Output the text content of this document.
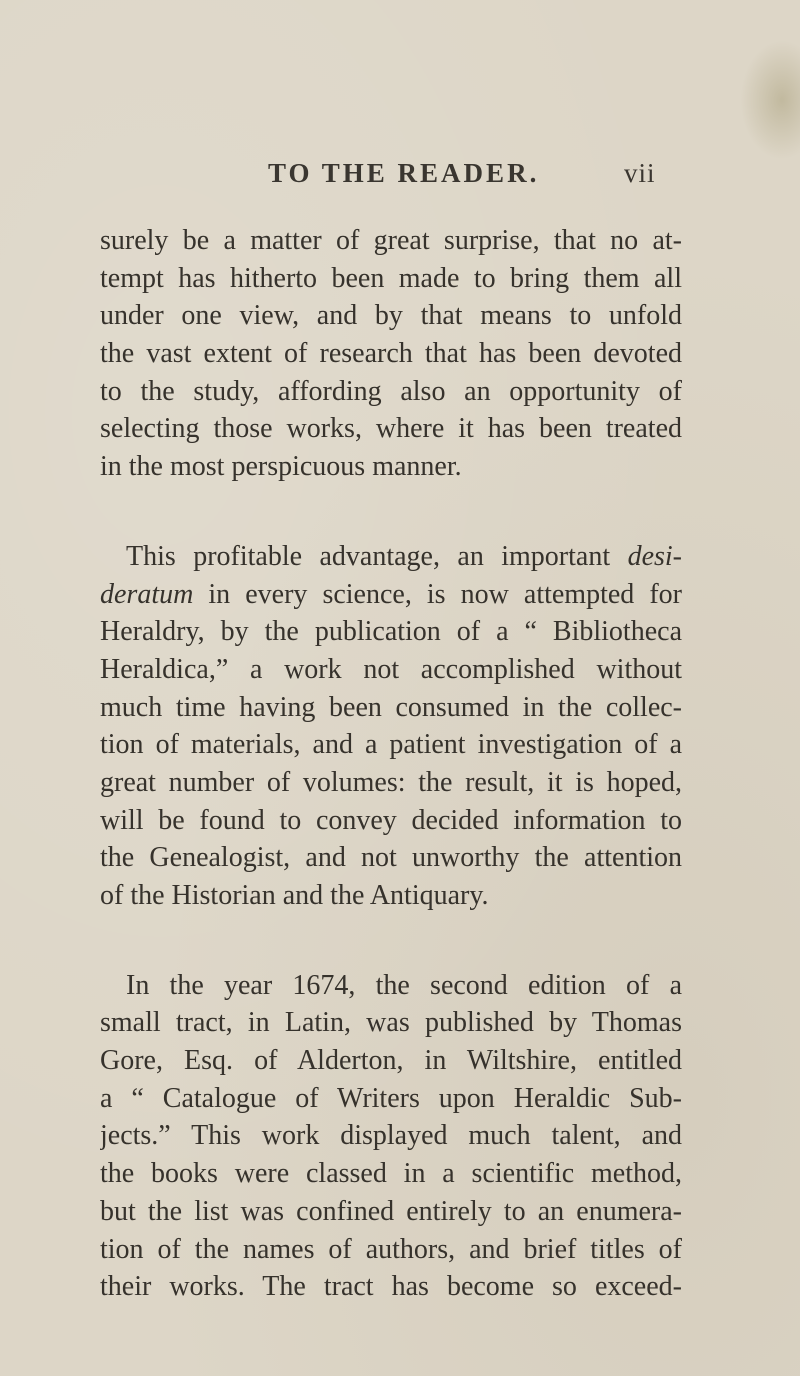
TO THE READER.	vii
surely be a matter of great surprise, that no at-
tempt has hitherto been made to bring them all
under one view, and by that means to unfold
the vast extent of research that has been devoted
to the study, affording also an opportunity of
selecting those works, where it has been treated
in the most perspicuous manner.
This profitable advantage, an important desi-
deratum in every science, is now attempted for
Heraldry, by the publication of a “ Bibliotheca
Heraldica,” a work not accomplished without
much time having been consumed in the collec-
tion of materials, and a patient investigation of a
great number of volumes: the result, it is hoped,
will be found to convey decided information to
the Genealogist, and not unworthy the attention
of the Historian and the Antiquary.
In the year 1674, the second edition of a
small tract, in Latin, was published by Thomas
Gore, Esq. of Alderton, in Wiltshire, entitled
a “ Catalogue of Writers upon Heraldic Sub-
jects.” This work displayed much talent, and
the books were classed in a scientific method,
but the list was confined entirely to an enumera-
tion of the names of authors, and brief titles of
their works. The tract has become so exceed-
